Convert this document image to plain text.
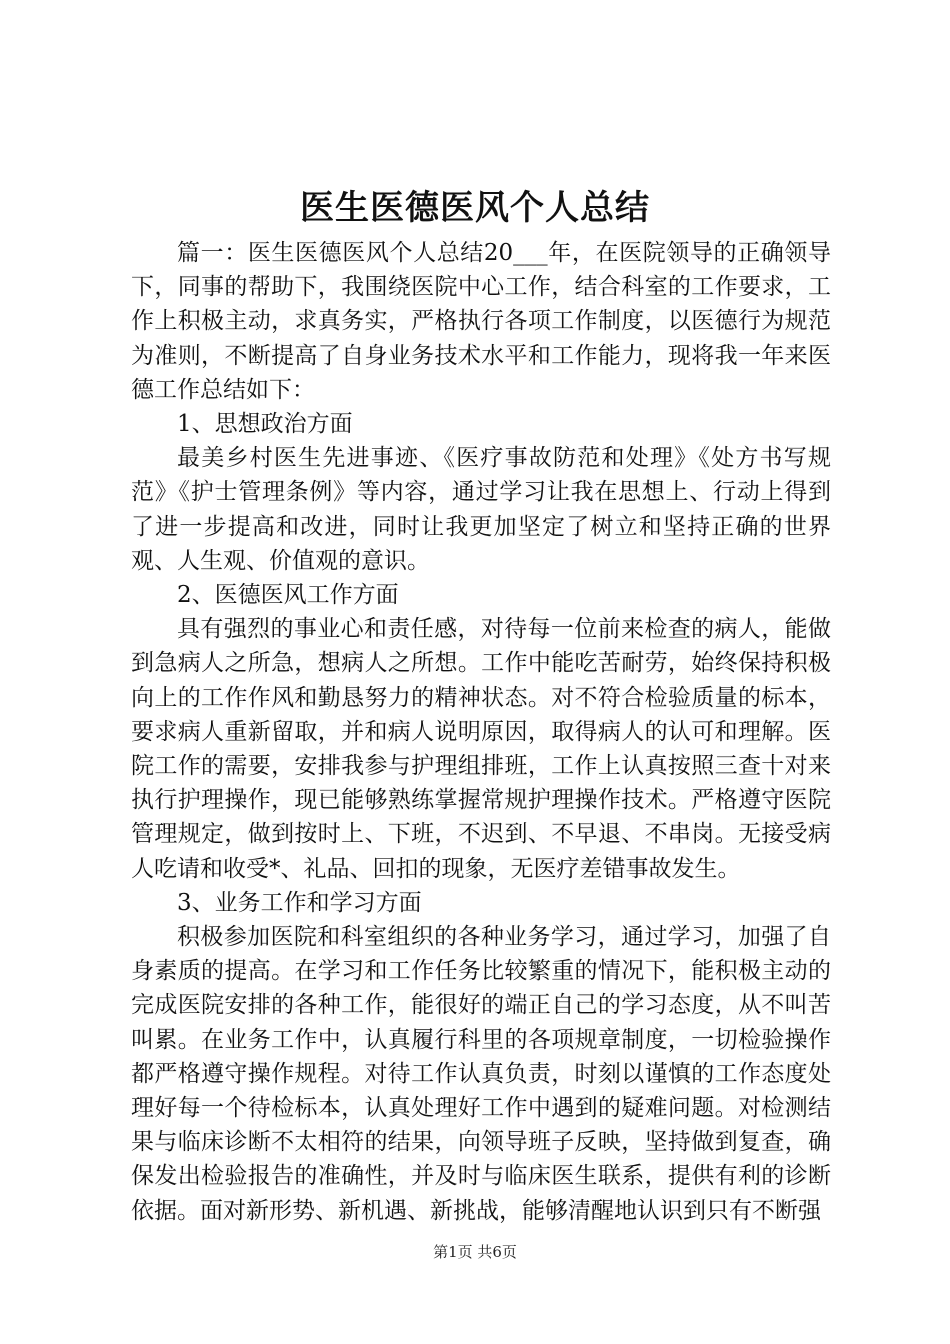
医生医德医风个人总结

篇一：医生医德医风个人总结20___年，在医院领导的正确领导下，同事的帮助下，我围绕医院中心工作，结合科室的工作要求，工作上积极主动，求真务实，严格执行各项工作制度，以医德行为规范为准则，不断提高了自身业务技术水平和工作能力，现将我一年来医德工作总结如下：

1、思想政治方面

最美乡村医生先进事迹、《医疗事故防范和处理》《处方书写规范》《护士管理条例》等内容，通过学习让我在思想上、行动上得到了进一步提高和改进，同时让我更加坚定了树立和坚持正确的世界观、人生观、价值观的意识。

2、医德医风工作方面

具有强烈的事业心和责任感，对待每一位前来检查的病人，能做到急病人之所急，想病人之所想。工作中能吃苦耐劳，始终保持积极向上的工作作风和勤恳努力的精神状态。对不符合检验质量的标本，要求病人重新留取，并和病人说明原因，取得病人的认可和理解。医院工作的需要，安排我参与护理组排班，工作上认真按照三查十对来执行护理操作，现已能够熟练掌握常规护理操作技术。严格遵守医院管理规定，做到按时上、下班，不迟到、不早退、不串岗。无接受病人吃请和收受*、礼品、回扣的现象，无医疗差错事故发生。

3、业务工作和学习方面

积极参加医院和科室组织的各种业务学习，通过学习，加强了自身素质的提高。在学习和工作任务比较繁重的情况下，能积极主动的完成医院安排的各种工作，能很好的端正自己的学习态度，从不叫苦叫累。在业务工作中，认真履行科里的各项规章制度，一切检验操作都严格遵守操作规程。对待工作认真负责，时刻以谨慎的工作态度处理好每一个待检标本，认真处理好工作中遇到的疑难问题。对检测结果与临床诊断不太相符的结果，向领导班子反映，坚持做到复查，确保发出检验报告的准确性，并及时与临床医生联系，提供有利的诊断依据。面对新形势、新机遇、新挑战，能够清醒地认识到只有不断强

第1页 共6页
